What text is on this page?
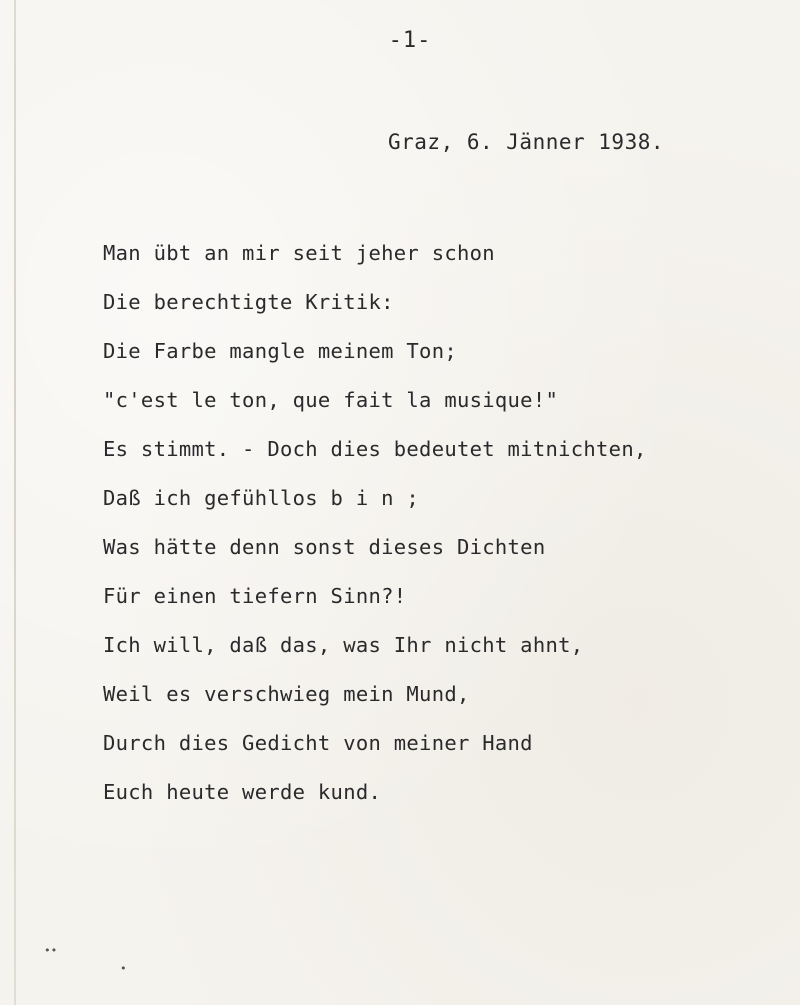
-1-
Graz, 6. Jänner 1938.
Man übt an mir seit jeher schon
Die berechtigte Kritik:
Die Farbe mangle meinem Ton;
"c'est le ton, que fait la musique!"
Es stimmt. - Doch dies bedeutet mitnichten,
Daß ich gefühllos b i n ;
Was hätte denn sonst dieses Dichten
Für einen tiefern Sinn?!
Ich will, daß das, was Ihr nicht ahnt,
Weil es verschwieg mein Mund,
Durch dies Gedicht von meiner Hand
Euch heute werde kund.
••
•
